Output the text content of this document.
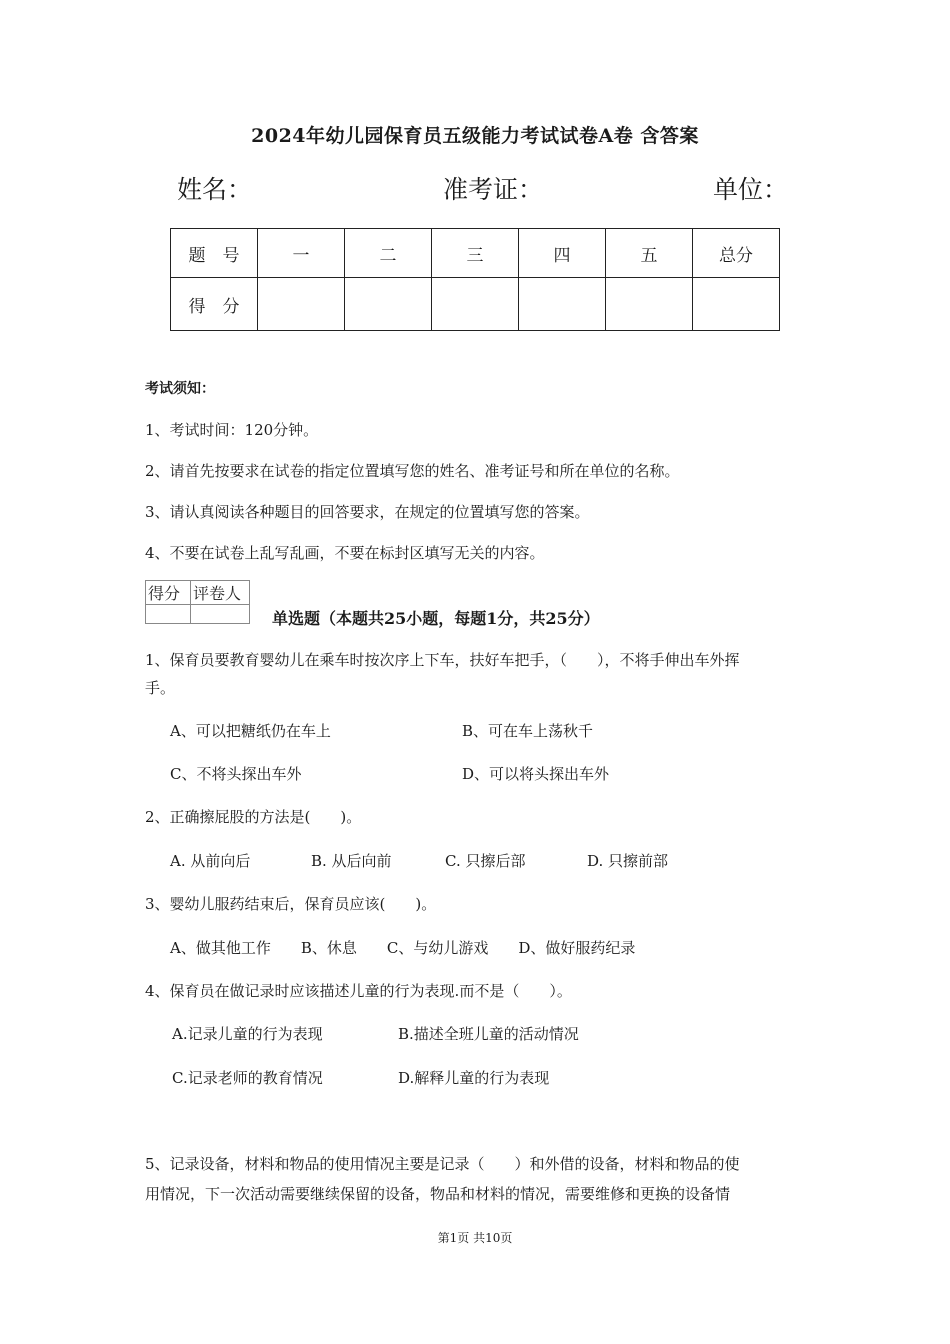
2024年幼儿园保育员五级能力考试试卷A卷 含答案
姓名：	准考证：	单位：
题　号	一	二	三	四	五	总分
得　分						
考试须知：
1、考试时间：120分钟。
2、请首先按要求在试卷的指定位置填写您的姓名、准考证号和所在单位的名称。
3、请认真阅读各种题目的回答要求，在规定的位置填写您的答案。
4、不要在试卷上乱写乱画，不要在标封区填写无关的内容。
得分	评卷人

单选题（本题共25小题，每题1分，共25分）
1、保育员要教育婴幼儿在乘车时按次序上下车，扶好车把手，（　　），不将手伸出车外挥
手。
A、可以把糖纸仍在车上	B、可在车上荡秋千
C、不将头探出车外	D、可以将头探出车外
2、正确擦屁股的方法是(　　)。
A. 从前向后	B. 从后向前	C. 只擦后部	D. 只擦前部
3、婴幼儿服药结束后，保育员应该(　　)。
A、做其他工作　　B、休息　　C、与幼儿游戏　　D、做好服药纪录
4、保育员在做记录时应该描述儿童的行为表现.而不是（　　）。
A.记录儿童的行为表现	B.描述全班儿童的活动情况
C.记录老师的教育情况	D.解释儿童的行为表现
5、记录设备，材料和物品的使用情况主要是记录（　　）和外借的设备，材料和物品的使
用情况，下一次活动需要继续保留的设备，物品和材料的情况，需要维修和更换的设备情
第1页 共10页
